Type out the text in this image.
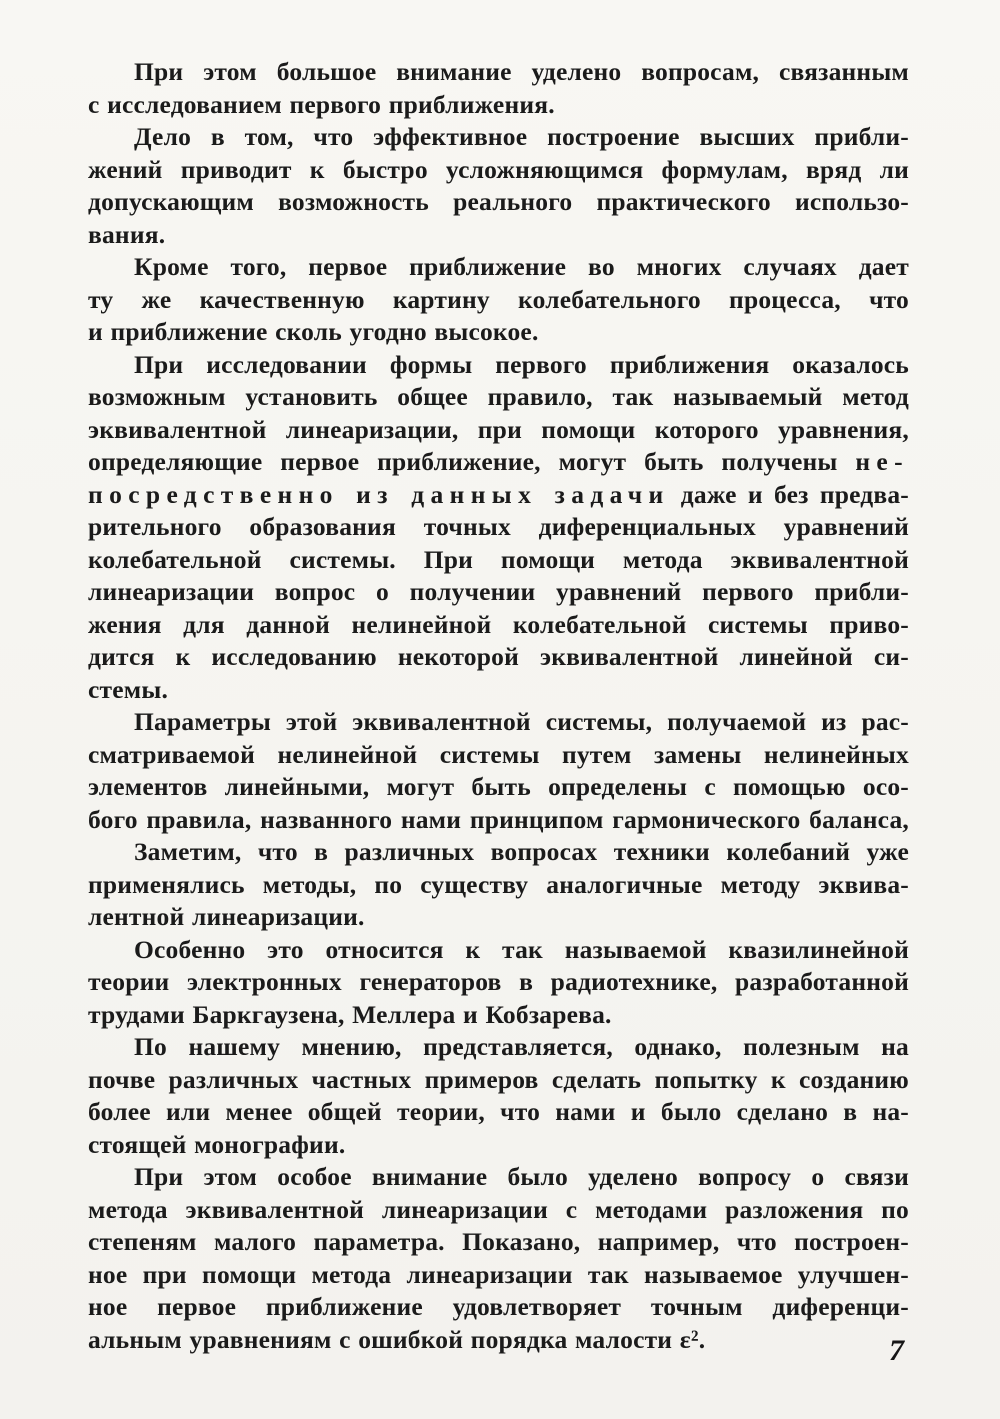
При этом большое внимание уделено вопросам, связанным
с исследованием первого приближения.
Дело в том, что эффективное построение высших прибли-
жений приводит к быстро усложняющимся формулам, вряд ли
допускающим возможность реального практического использо-
вания.
Кроме того, первое приближение во многих случаях дает
ту же качественную картину колебательного процесса, что
и приближение сколь угодно высокое.
При исследовании формы первого приближения оказалось
возможным установить общее правило, так называемый метод
эквивалентной линеаризации, при помощи которого уравнения,
определяющие первое приближение, могут быть получены не-
посредственно из данных задачи даже и без предва-
рительного образования точных диференциальных уравнений
колебательной системы. При помощи метода эквивалентной
линеаризации вопрос о получении уравнений первого прибли-
жения для данной нелинейной колебательной системы приво-
дится к исследованию некоторой эквивалентной линейной си-
стемы.
Параметры этой эквивалентной системы, получаемой из рас-
сматриваемой нелинейной системы путем замены нелинейных
элементов линейными, могут быть определены с помощью осо-
бого правила, названного нами принципом гармонического баланса,
Заметим, что в различных вопросах техники колебаний уже
применялись методы, по существу аналогичные методу эквива-
лентной линеаризации.
Особенно это относится к так называемой квазилинейной
теории электронных генераторов в радиотехнике, разработанной
трудами Баркгаузена, Меллера и Кобзарева.
По нашему мнению, представляется, однако, полезным на
почве различных частных примеров сделать попытку к созданию
более или менее общей теории, что нами и было сделано в на-
стоящей монографии.
При этом особое внимание было уделено вопросу о связи
метода эквивалентной линеаризации с методами разложения по
степеням малого параметра. Показано, например, что построен-
ное при помощи метода линеаризации так называемое улучшен-
ное первое приближение удовлетворяет точным диференци-
альным уравнениям с ошибкой порядка малости ε².	7
